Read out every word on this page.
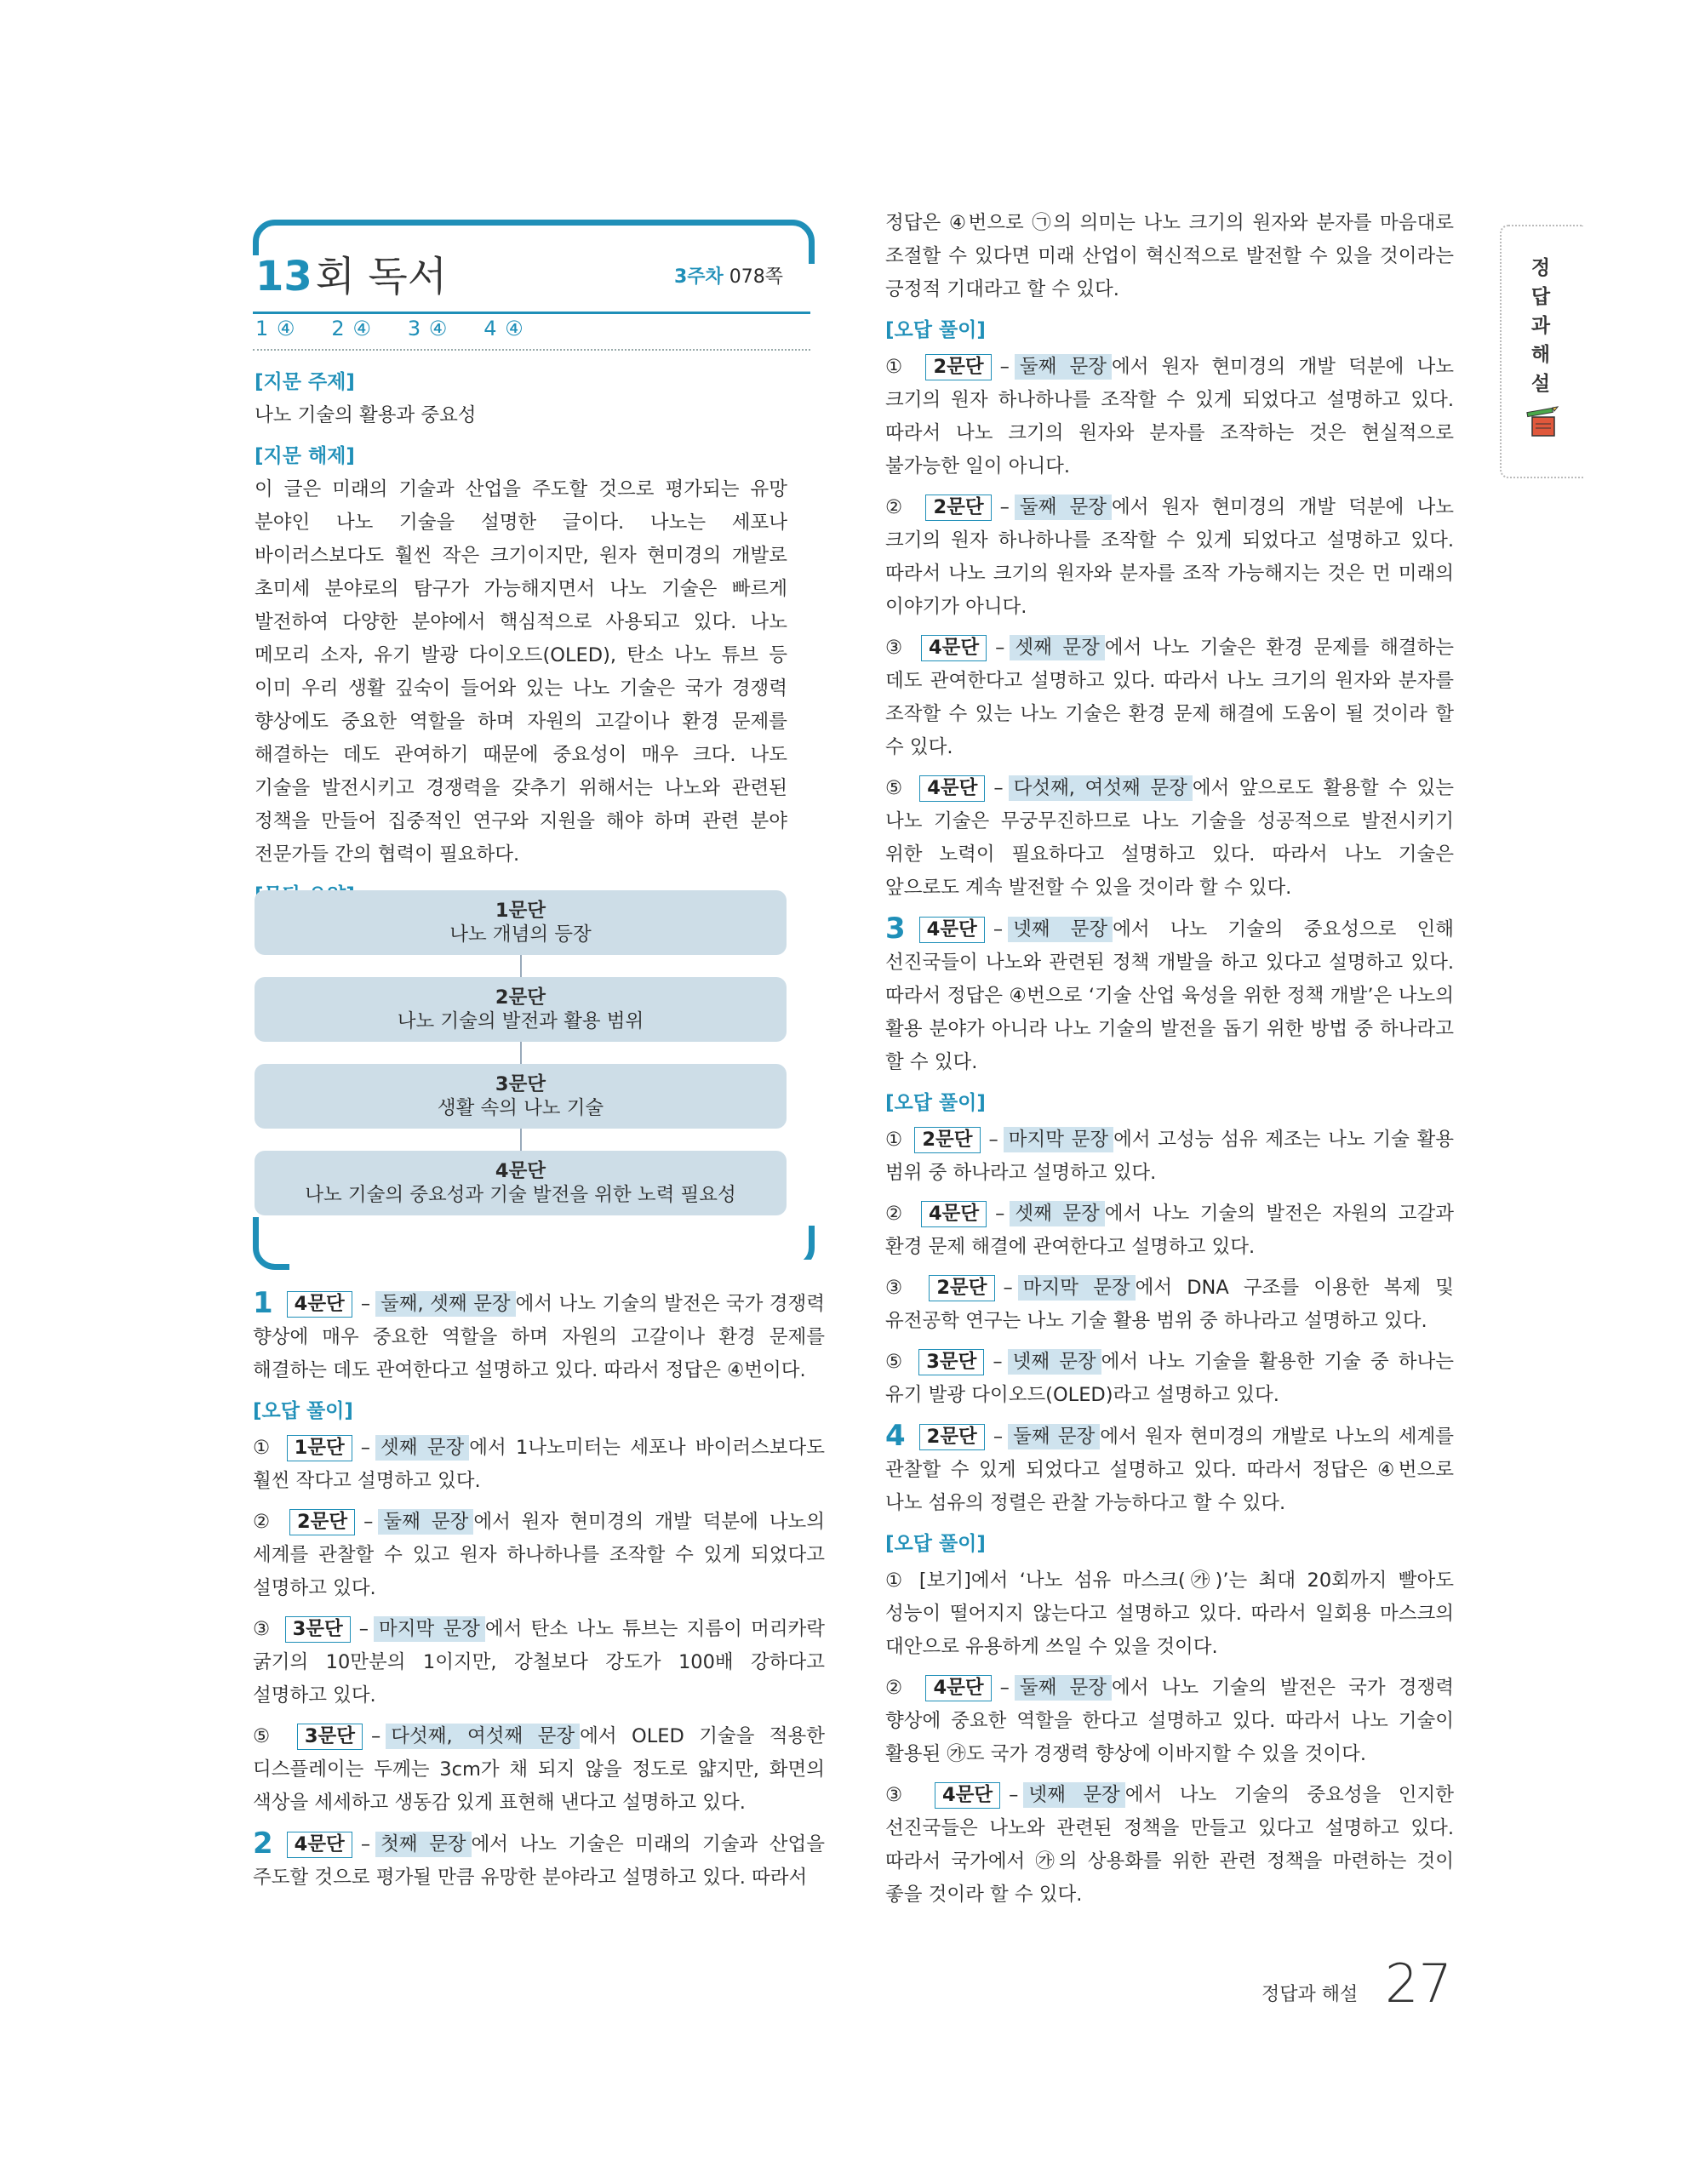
13회 독서	3주차 078쪽
1 ④ 2 ④ 3 ④ 4 ④
[지문 주제]
나노 기술의 활용과 중요성
[지문 해제]
이 글은 미래의 기술과 산업을 주도할 것으로 평가되는 유망 분야인 나노 기술을 설명한 글이다. 나노는 세포나 바이러스보다도 훨씬 작은 크기이지만, 원자 현미경의 개발로 초미세 분야로의 탐구가 가능해지면서 나노 기술은 빠르게 발전하여 다양한 분야에서 핵심적으로 사용되고 있다. 나노 메모리 소자, 유기 발광 다이오드(OLED), 탄소 나노 튜브 등 이미 우리 생활 깊숙이 들어와 있는 나노 기술은 국가 경쟁력 향상에도 중요한 역할을 하며 자원의 고갈이나 환경 문제를 해결하는 데도 관여하기 때문에 중요성이 매우 크다. 나도 기술을 발전시키고 경쟁력을 갖추기 위해서는 나노와 관련된 정책을 만들어 집중적인 연구와 지원을 해야 하며 관련 분야 전문가들 간의 협력이 필요하다.
1문단
나노 개념의 등장
2문단
나노 기술의 발전과 활용 범위
3문단
생활 속의 나노 기술
4문단
나노 기술의 중요성과 기술 발전을 위한 노력 필요성
1 4문단 – 둘째, 셋째 문장 에서 나노 기술의 발전은 국가 경쟁력 향상에 매우 중요한 역할을 하며 자원의 고갈이나 환경 문제를 해결하는 데도 관여한다고 설명하고 있다. 따라서 정답은 ④번이다.
[오답 풀이]
① 1문단 – 셋째 문장 에서 1나노미터는 세포나 바이러스보다도 훨씬 작다고 설명하고 있다.
② 2문단 – 둘째 문장 에서 원자 현미경의 개발 덕분에 나노의 세계를 관찰할 수 있고 원자 하나하나를 조작할 수 있게 되었다고 설명하고 있다.
③ 3문단 – 마지막 문장 에서 탄소 나노 튜브는 지름이 머리카락 굵기의 10만분의 1이지만, 강철보다 강도가 100배 강하다고 설명하고 있다.
⑤ 3문단 – 다섯째, 여섯째 문장 에서 OLED 기술을 적용한 디스플레이는 두께는 3cm가 채 되지 않을 정도로 얇지만, 화면의 색상을 세세하고 생동감 있게 표현해 낸다고 설명하고 있다.
2 4문단 – 첫째 문장 에서 나노 기술은 미래의 기술과 산업을 주도할 것으로 평가될 만큼 유망한 분야라고 설명하고 있다. 따라서
정답은 ④번으로 ㉠의 의미는 나노 크기의 원자와 분자를 마음대로 조절할 수 있다면 미래 산업이 혁신적으로 발전할 수 있을 것이라는 긍정적 기대라고 할 수 있다.
[오답 풀이]
① 2문단 – 둘째 문장 에서 원자 현미경의 개발 덕분에 나노 크기의 원자 하나하나를 조작할 수 있게 되었다고 설명하고 있다. 따라서 나노 크기의 원자와 분자를 조작하는 것은 현실적으로 불가능한 일이 아니다.
② 2문단 – 둘째 문장 에서 원자 현미경의 개발 덕분에 나노 크기의 원자 하나하나를 조작할 수 있게 되었다고 설명하고 있다. 따라서 나노 크기의 원자와 분자를 조작 가능해지는 것은 먼 미래의 이야기가 아니다.
③ 4문단 – 셋째 문장 에서 나노 기술은 환경 문제를 해결하는 데도 관여한다고 설명하고 있다. 따라서 나노 크기의 원자와 분자를 조작할 수 있는 나노 기술은 환경 문제 해결에 도움이 될 것이라 할 수 있다.
⑤ 4문단 – 다섯째, 여섯째 문장 에서 앞으로도 활용할 수 있는 나노 기술은 무궁무진하므로 나노 기술을 성공적으로 발전시키기 위한 노력이 필요하다고 설명하고 있다. 따라서 나노 기술은 앞으로도 계속 발전할 수 있을 것이라 할 수 있다.
3 4문단 – 넷째 문장 에서 나노 기술의 중요성으로 인해 선진국들이 나노와 관련된 정책 개발을 하고 있다고 설명하고 있다. 따라서 정답은 ④번으로 ‘기술 산업 육성을 위한 정책 개발’은 나노의 활용 분야가 아니라 나노 기술의 발전을 돕기 위한 방법 중 하나라고 할 수 있다.
[오답 풀이]
① 2문단 – 마지막 문장 에서 고성능 섬유 제조는 나노 기술 활용 범위 중 하나라고 설명하고 있다.
② 4문단 – 셋째 문장 에서 나노 기술의 발전은 자원의 고갈과 환경 문제 해결에 관여한다고 설명하고 있다.
③ 2문단 – 마지막 문장 에서 DNA 구조를 이용한 복제 및 유전공학 연구는 나노 기술 활용 범위 중 하나라고 설명하고 있다.
⑤ 3문단 – 넷째 문장 에서 나노 기술을 활용한 기술 중 하나는 유기 발광 다이오드(OLED)라고 설명하고 있다.
4 2문단 – 둘째 문장 에서 원자 현미경의 개발로 나노의 세계를 관찰할 수 있게 되었다고 설명하고 있다. 따라서 정답은 ④번으로 나노 섬유의 정렬은 관찰 가능하다고 할 수 있다.
[오답 풀이]
① [보기]에서 ‘나노 섬유 마스크(㉮)’는 최대 20회까지 빨아도 성능이 떨어지지 않는다고 설명하고 있다. 따라서 일회용 마스크의 대안으로 유용하게 쓰일 수 있을 것이다.
② 4문단 – 둘째 문장 에서 나노 기술의 발전은 국가 경쟁력 향상에 중요한 역할을 한다고 설명하고 있다. 따라서 나노 기술이 활용된 ㉮도 국가 경쟁력 향상에 이바지할 수 있을 것이다.
③ 4문단 – 넷째 문장 에서 나노 기술의 중요성을 인지한 선진국들은 나노와 관련된 정책을 만들고 있다고 설명하고 있다. 따라서 국가에서 ㉮의 상용화를 위한 관련 정책을 마련하는 것이 좋을 것이라 할 수 있다.
정
답
과
해
설
정답과 해설 27
